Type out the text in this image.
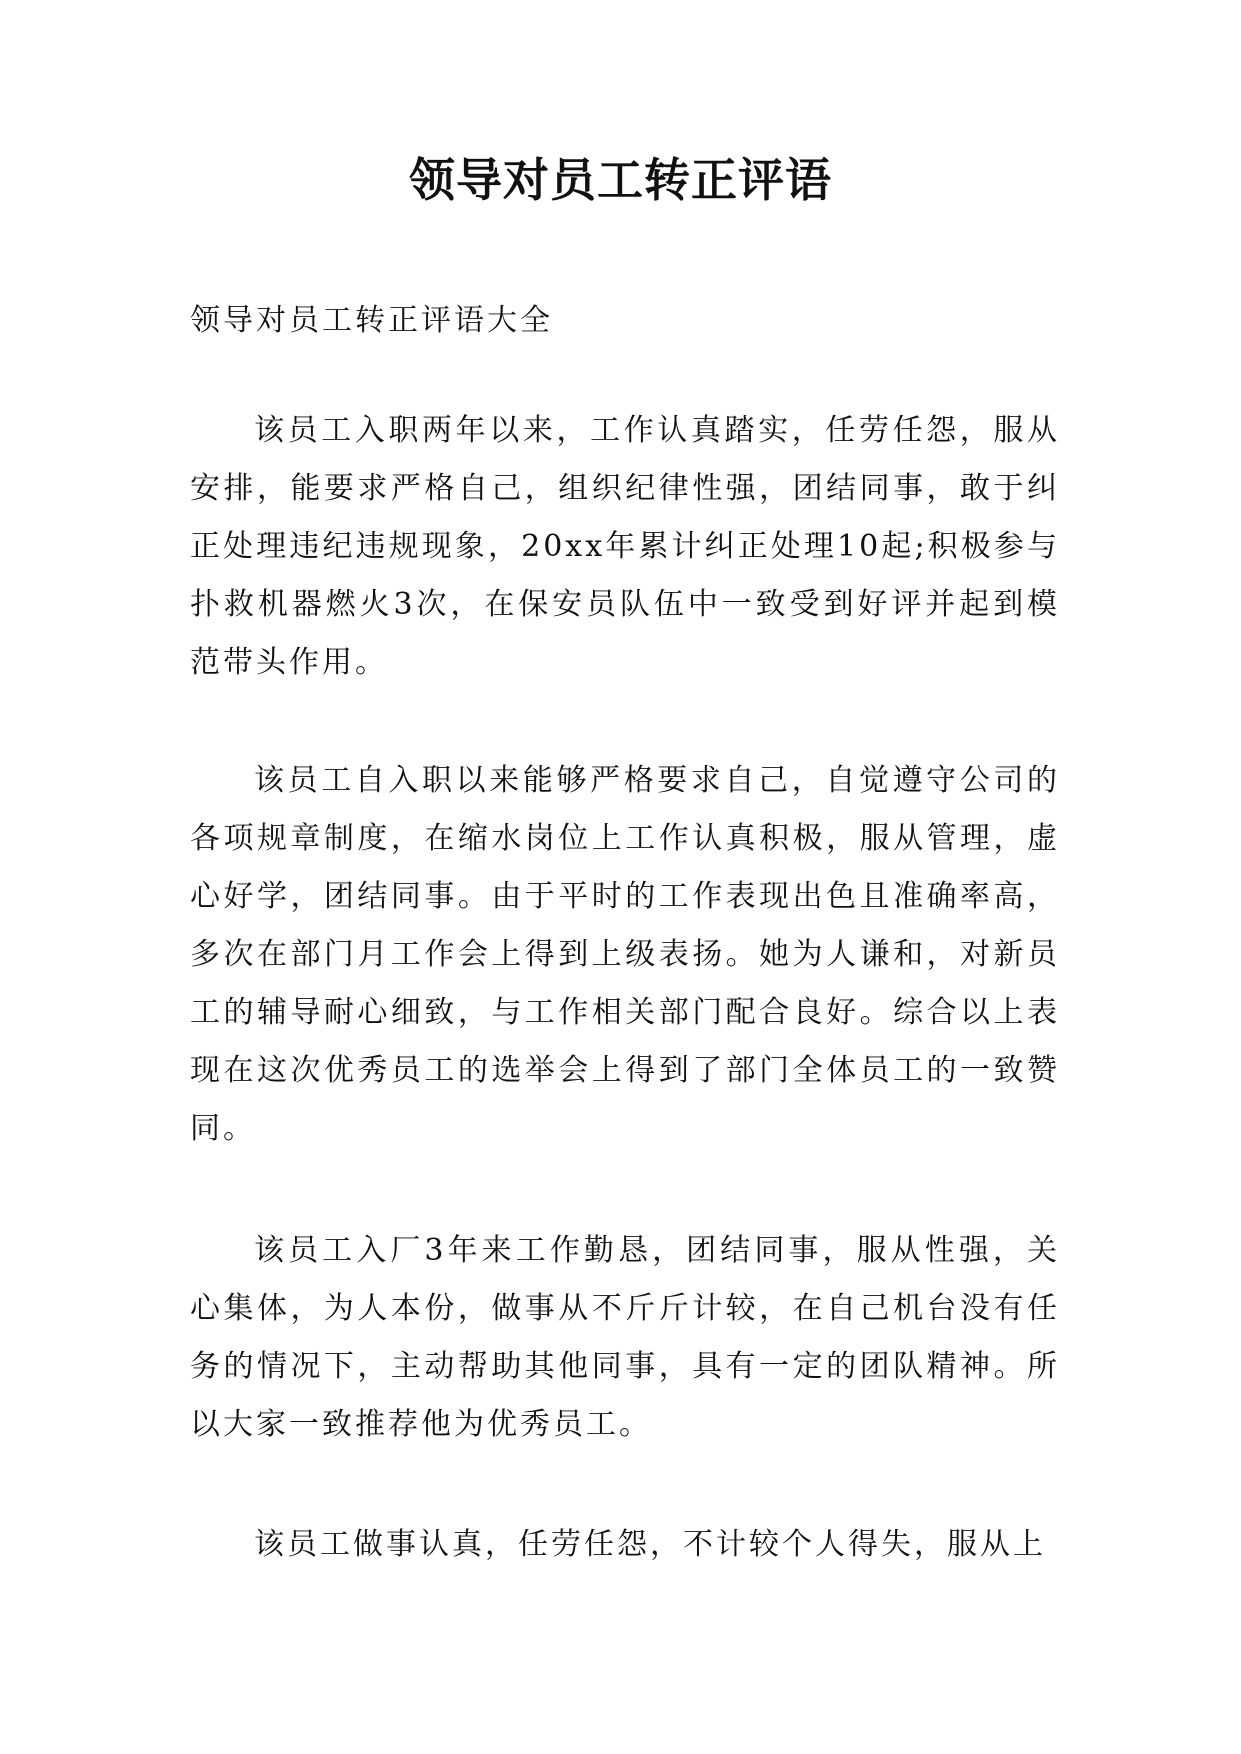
领导对员工转正评语

领导对员工转正评语大全

该员工入职两年以来，工作认真踏实，任劳任怨，服从安排，能要求严格自己，组织纪律性强，团结同事，敢于纠正处理违纪违规现象，20xx年累计纠正处理10起;积极参与扑救机器燃火3次，在保安员队伍中一致受到好评并起到模范带头作用。

该员工自入职以来能够严格要求自己，自觉遵守公司的各项规章制度，在缩水岗位上工作认真积极，服从管理，虚心好学，团结同事。由于平时的工作表现出色且准确率高，多次在部门月工作会上得到上级表扬。她为人谦和，对新员工的辅导耐心细致，与工作相关部门配合良好。综合以上表现在这次优秀员工的选举会上得到了部门全体员工的一致赞同。

该员工入厂3年来工作勤恳，团结同事，服从性强，关心集体，为人本份，做事从不斤斤计较，在自己机台没有任务的情况下，主动帮助其他同事，具有一定的团队精神。所以大家一致推荐他为优秀员工。

该员工做事认真，任劳任怨，不计较个人得失，服从上
